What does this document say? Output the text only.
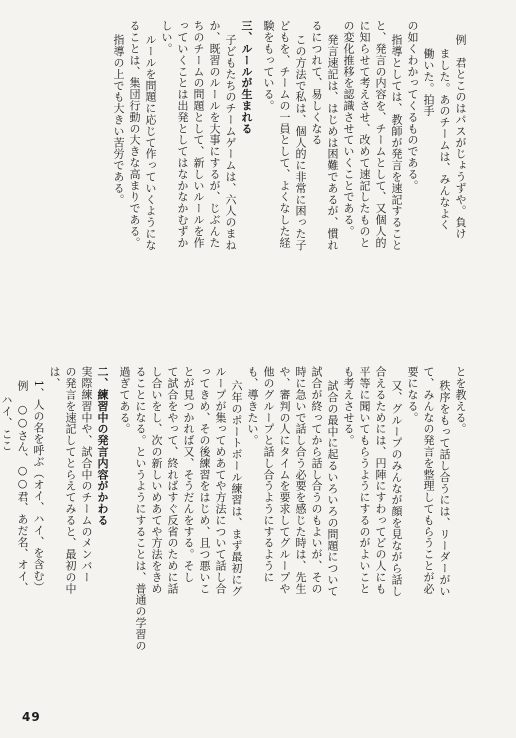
例　君とこのはパスがじょうずや。負け
ました。あのチームは、みんなよく
働いた。拍手
の如くわかってくるものである。
指導としては、教師が発言を速記すること
と、発言の内容を、チームとして、又個人的
に知らせて考えさせ、改めて速記したものと
の変化推移を認識させていくことである。
発言速記は、はじめは困難であるが、慣れ
るにつれて、易しくなる
この方法で私は、個人的に非常に困った子
どもを、チームの一員として、よくなした経
験をもっている。
三、ルールが生まれる
子どもたちのチームゲームは、六人のまね
か、既習のルールを大事にするが、じぶんた
ちのチームの問題として、新しいルールを作
っていくことは出発としてはなかなかむずか
しい。
ルールを問題に応じて作っていくようにな
ることは、集団行動の大きな高まりである。
指導の上でも大きい苦労である。
とを教える。
秩序をもって話し合うには、リーダーがい
て、みんなの発言を整理してもらうことが必
要になる。
又、グループのみんなが顔を見ながら話し
合えるためには、円陣にすわってどの人にも
平等に聞いてもらうようにするのがよいこと
も考えさせる。
試合の最中に起るいろいろの問題について
試合が終ってから話し合うのもよいが、その
時に急いで話し合う必要を感じた時は、先生
や、審判の人にタイムを要求してグループや
他のグループと話し合うようにするように
も、導きたい。
六年のポートボール練習は、まず最初にグ
ループが集ってめあてや方法について話し合
ってきめ、その後練習をはじめ、且つ悪いこ
とが見つかれば又、そうだんをする。そし
て試合をやって、終ればすぐ反省のために話
し合いをし、次の新しいめあてや方法をきめ
ることになる。というようにすることは、普通の学習の
過ぎてある。
二、練習中の発言内容がかわる
実際練習中や、試合中のチームのメンバー
の発言を速記してとらえてみると、最初の中
は、
1、人の名を呼ぶ（オイ、ハイ、を含む）
例　○○さん、○○君、あだ名、オイ、
ハイ、ここ
49
